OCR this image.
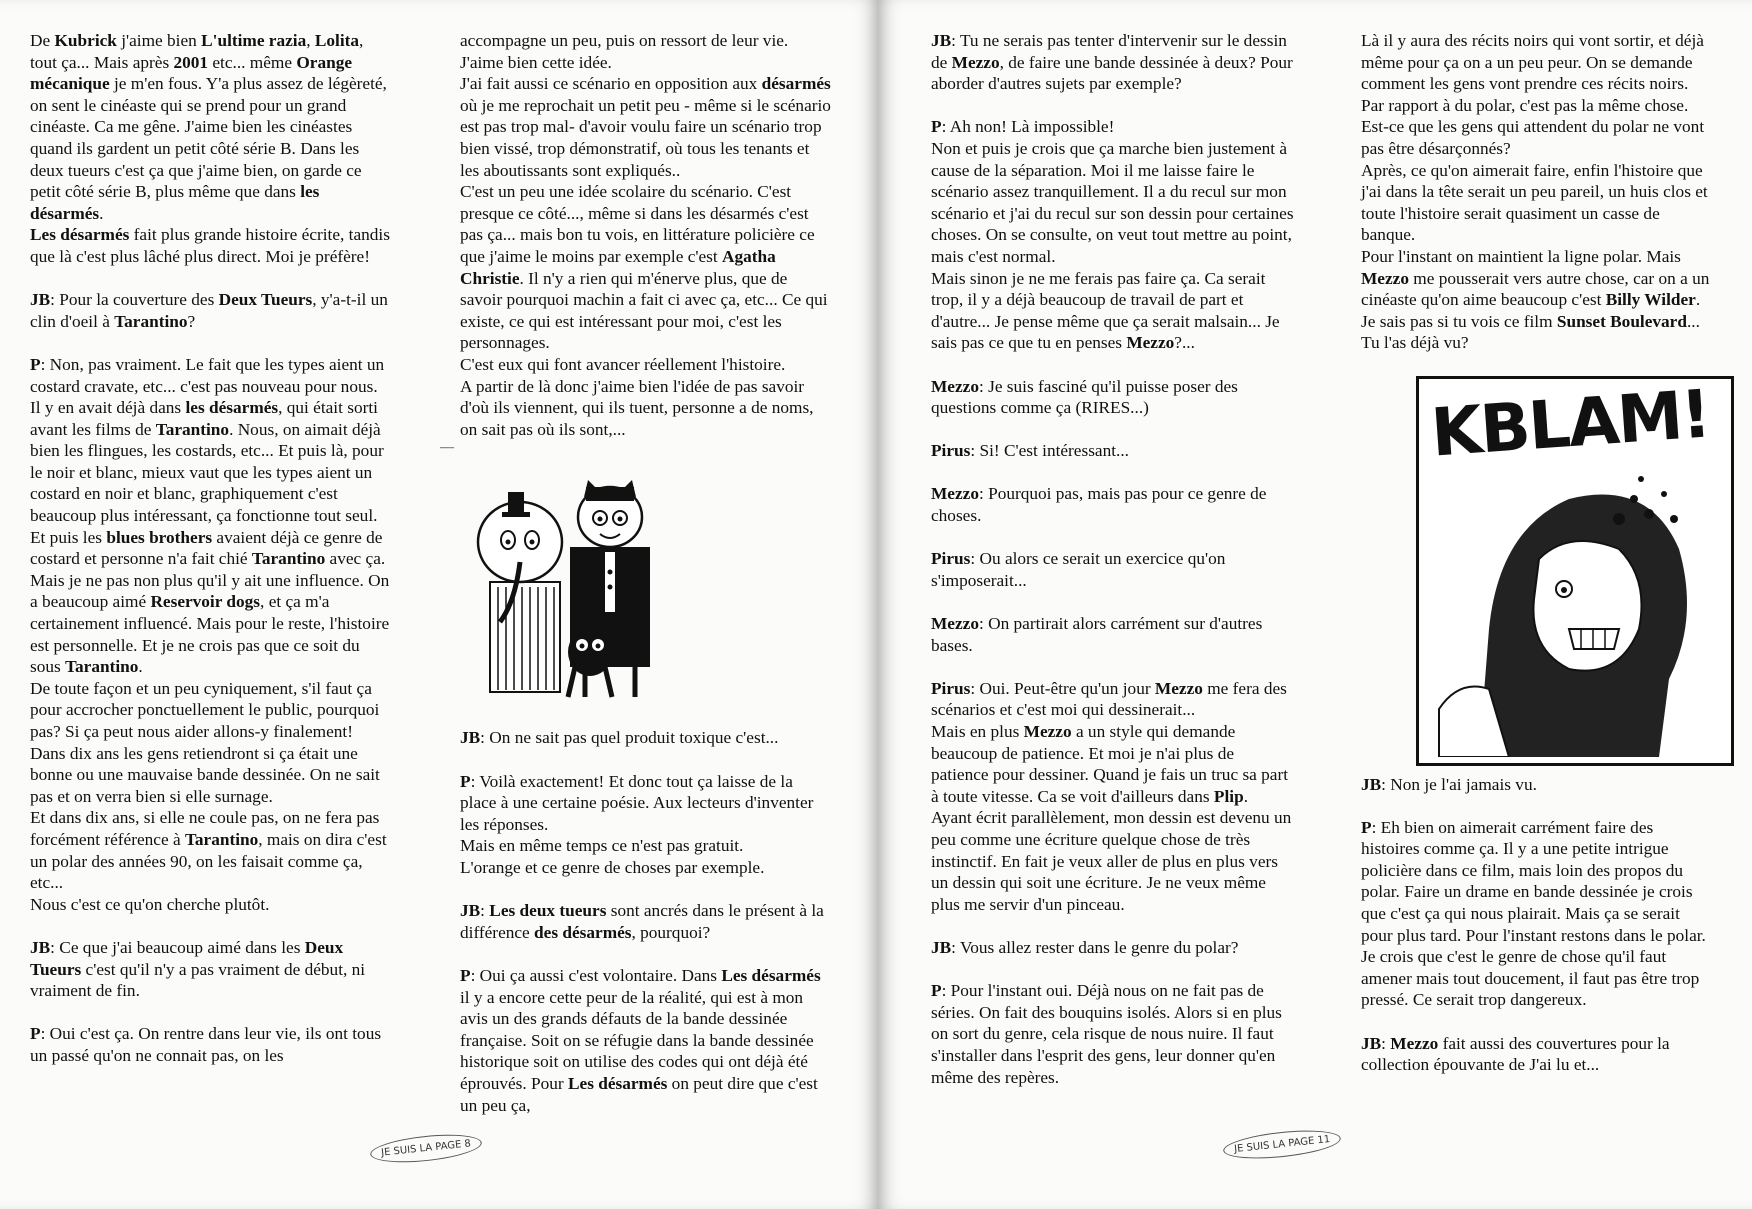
De Kubrick j'aime bien L'ultime razia, Lolita, tout ça... Mais après 2001 etc... même Orange mécanique je m'en fous. Y'a plus assez de légèreté, on sent le cinéaste qui se prend pour un grand cinéaste. Ca me gêne. J'aime bien les cinéastes quand ils gardent un petit côté série B. Dans les deux tueurs c'est ça que j'aime bien, on garde ce petit côté série B, plus même que dans les désarmés.

Les désarmés fait plus grande histoire écrite, tandis que là c'est plus lâché plus direct. Moi je préfère!

JB: Pour la couverture des Deux Tueurs, y'a-t-il un clin d'oeil à Tarantino?

P: Non, pas vraiment. Le fait que les types aient un costard cravate, etc... c'est pas nouveau pour nous. Il y en avait déjà dans les désarmés, qui était sorti avant les films de Tarantino. Nous, on aimait déjà bien les flingues, les costards, etc... Et puis là, pour le noir et blanc, mieux vaut que les types aient un costard en noir et blanc, graphiquement c'est beaucoup plus intéressant, ça fonctionne tout seul.

Et puis les blues brothers avaient déjà ce genre de costard et personne n'a fait chié Tarantino avec ça. Mais je ne pas non plus qu'il y ait une influence. On a beaucoup aimé Reservoir dogs, et ça m'a certainement influencé. Mais pour le reste, l'histoire est personnelle. Et je ne crois pas que ce soit du sous Tarantino.

De toute façon et un peu cyniquement, s'il faut ça pour accrocher ponctuellement le public, pourquoi pas? Si ça peut nous aider allons-y finalement! Dans dix ans les gens retiendront si ça était une bonne ou une mauvaise bande dessinée. On ne sait pas et on verra bien si elle surnage.

Et dans dix ans, si elle ne coule pas, on ne fera pas forcément référence à Tarantino, mais on dira c'est un polar des années 90, on les faisait comme ça, etc...

Nous c'est ce qu'on cherche plutôt.

JB: Ce que j'ai beaucoup aimé dans les Deux Tueurs c'est qu'il n'y a pas vraiment de début, ni vraiment de fin.

P: Oui c'est ça. On rentre dans leur vie, ils ont tous un passé qu'on ne connait pas, on les

accompagne un peu, puis on ressort de leur vie.

J'aime bien cette idée.

J'ai fait aussi ce scénario en opposition aux désarmés où je me reprochait un petit peu - même si le scénario est pas trop mal- d'avoir voulu faire un scénario trop bien vissé, trop démonstratif, où tous les tenants et les aboutissants sont expliqués..

C'est un peu une idée scolaire du scénario. C'est presque ce côté..., même si dans les désarmés c'est pas ça... mais bon tu vois, en littérature policière ce que j'aime le moins par exemple c'est Agatha Christie. Il n'y a rien qui m'énerve plus, que de savoir pourquoi machin a fait ci avec ça, etc... Ce qui existe, ce qui est intéressant pour moi, c'est les personnages.

C'est eux qui font avancer réellement l'histoire.

A partir de là donc j'aime bien l'idée de pas savoir d'où ils viennent, qui ils tuent, personne a de noms, on sait pas où ils sont,...

JB: On ne sait pas quel produit toxique c'est...

P: Voilà exactement! Et donc tout ça laisse de la place à une certaine poésie. Aux lecteurs d'inventer les réponses.

Mais en même temps ce n'est pas gratuit.

L'orange et ce genre de choses par exemple.

JB: Les deux tueurs sont ancrés dans le présent à la différence des désarmés, pourquoi?

P: Oui ça aussi c'est volontaire. Dans Les désarmés il y a encore cette peur de la réalité, qui est à mon avis un des grands défauts de la bande dessinée française. Soit on se réfugie dans la bande dessinée historique soit on utilise des codes qui ont déjà été éprouvés. Pour Les désarmés on peut dire que c'est un peu ça,

—
JE SUIS LA PAGE 8

JB: Tu ne serais pas tenter d'intervenir sur le dessin de Mezzo, de faire une bande dessinée à deux? Pour aborder d'autres sujets par exemple?

P: Ah non! Là impossible!

Non et puis je crois que ça marche bien justement à cause de la séparation. Moi il me laisse faire le scénario assez tranquillement. Il a du recul sur mon scénario et j'ai du recul sur son dessin pour certaines choses. On se consulte, on veut tout mettre au point, mais c'est normal.

Mais sinon je ne me ferais pas faire ça. Ca serait trop, il y a déjà beaucoup de travail de part et d'autre... Je pense même que ça serait malsain... Je sais pas ce que tu en penses Mezzo?...

Mezzo: Je suis fasciné qu'il puisse poser des questions comme ça (RIRES...)

Pirus: Si! C'est intéressant...

Mezzo: Pourquoi pas, mais pas pour ce genre de choses.

Pirus: Ou alors ce serait un exercice qu'on s'imposerait...

Mezzo: On partirait alors carrément sur d'autres bases.

Pirus: Oui. Peut-être qu'un jour Mezzo me fera des scénarios et c'est moi qui dessinerait...

Mais en plus Mezzo a un style qui demande beaucoup de patience. Et moi je n'ai plus de patience pour dessiner. Quand je fais un truc sa part à toute vitesse. Ca se voit d'ailleurs dans Plip.

Ayant écrit parallèlement, mon dessin est devenu un peu comme une écriture quelque chose de très instinctif. En fait je veux aller de plus en plus vers un dessin qui soit une écriture. Je ne veux même plus me servir d'un pinceau.

JB: Vous allez rester dans le genre du polar?

P: Pour l'instant oui. Déjà nous on ne fait pas de séries. On fait des bouquins isolés. Alors si en plus on sort du genre, cela risque de nous nuire. Il faut s'installer dans l'esprit des gens, leur donner qu'en même des repères.

Là il y aura des récits noirs qui vont sortir, et déjà même pour ça on a un peu peur. On se demande comment les gens vont prendre ces récits noirs. Par rapport à du polar, c'est pas la même chose. Est-ce que les gens qui attendent du polar ne vont pas être désarçonnés?

Après, ce qu'on aimerait faire, enfin l'histoire que j'ai dans la tête serait un peu pareil, un huis clos et toute l'histoire serait quasiment un casse de banque.

Pour l'instant on maintient la ligne polar. Mais Mezzo me pousserait vers autre chose, car on a un cinéaste qu'on aime beaucoup c'est Billy Wilder. Je sais pas si tu vois ce film Sunset Boulevard... Tu l'as déjà vu?

KBLAM!

JB: Non je l'ai jamais vu.

P: Eh bien on aimerait carrément faire des histoires comme ça. Il y a une petite intrigue policière dans ce film, mais loin des propos du polar. Faire un drame en bande dessinée je crois que c'est ça qui nous plairait. Mais ça se serait pour plus tard. Pour l'instant restons dans le polar. Je crois que c'est le genre de chose qu'il faut amener mais tout doucement, il faut pas être trop pressé. Ce serait trop dangereux.

JB: Mezzo fait aussi des couvertures pour la collection épouvante de J'ai lu et...

JE SUIS LA PAGE 11
